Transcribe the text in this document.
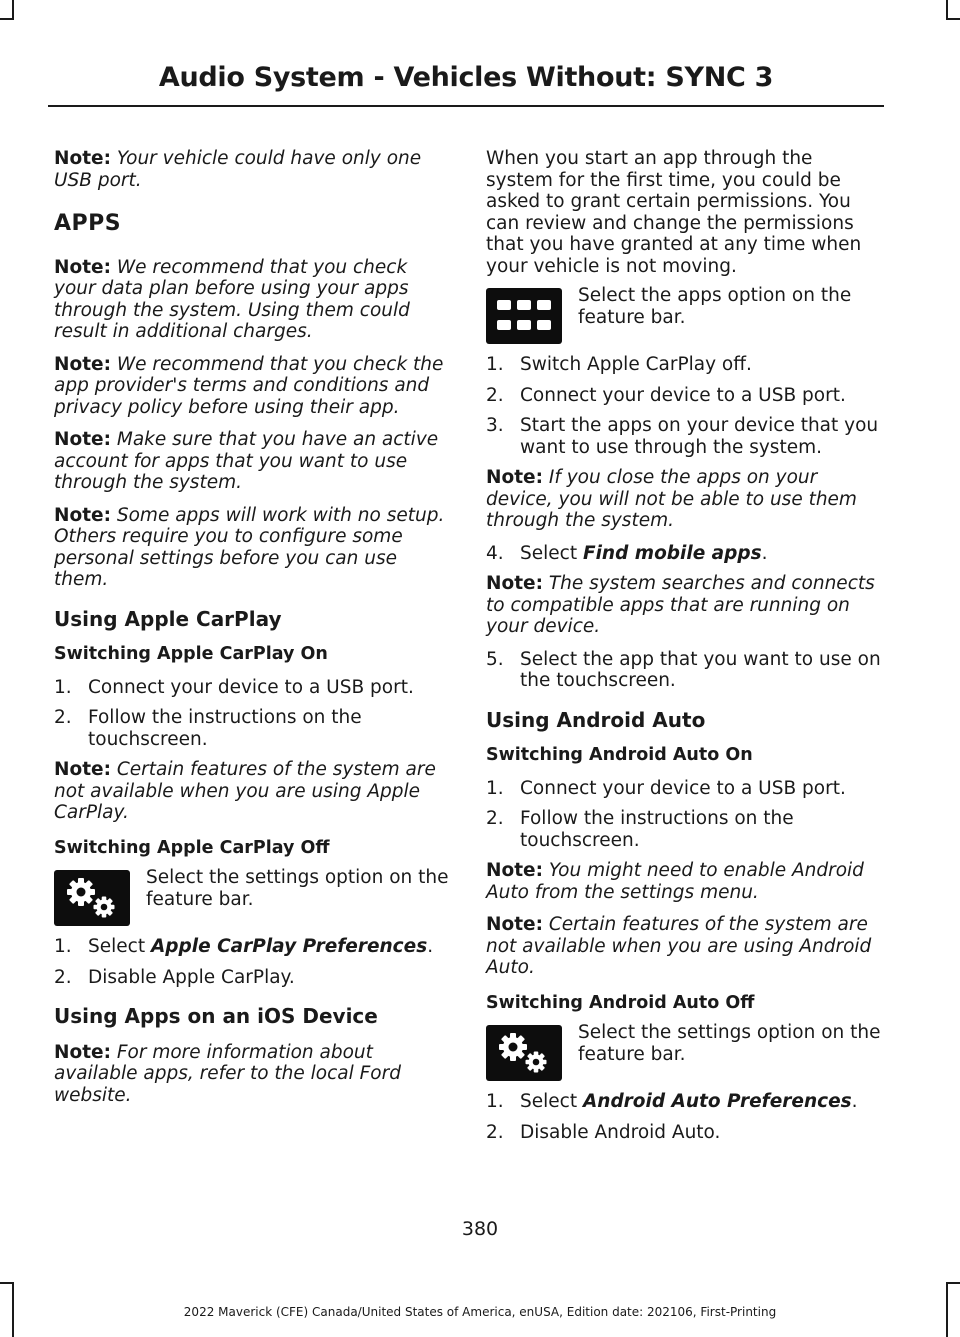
Audio System - Vehicles Without: SYNC 3

Note: Your vehicle could have only one USB port.

APPS

Note: We recommend that you check your data plan before using your apps through the system. Using them could result in additional charges.

Note: We recommend that you check the app provider's terms and conditions and privacy policy before using their app.

Note: Make sure that you have an active account for apps that you want to use through the system.

Note: Some apps will work with no setup. Others require you to configure some personal settings before you can use them.

Using Apple CarPlay
Switching Apple CarPlay On
1. Connect your device to a USB port.
2. Follow the instructions on the touchscreen.

Note: Certain features of the system are not available when you are using Apple CarPlay.

Switching Apple CarPlay Off
Select the settings option on the feature bar.
1. Select Apple CarPlay Preferences.
2. Disable Apple CarPlay.
Using Apps on an iOS Device

Note: For more information about available apps, refer to the local Ford website.

When you start an app through the system for the first time, you could be asked to grant certain permissions. You can review and change the permissions that you have granted at any time when your vehicle is not moving.

Select the apps option on the feature bar.
1. Switch Apple CarPlay off.
2. Connect your device to a USB port.
3. Start the apps on your device that you want to use through the system.

Note: If you close the apps on your device, you will not be able to use them through the system.

4. Select Find mobile apps.

Note: The system searches and connects to compatible apps that are running on your device.

5. Select the app that you want to use on the touchscreen.
Using Android Auto
Switching Android Auto On
1. Connect your device to a USB port.
2. Follow the instructions on the touchscreen.

Note: You might need to enable Android Auto from the settings menu.

Note: Certain features of the system are not available when you are using Android Auto.

Switching Android Auto Off
Select the settings option on the feature bar.
1. Select Android Auto Preferences.
2. Disable Android Auto.
380
2022 Maverick (CFE) Canada/United States of America, enUSA, Edition date: 202106, First-Printing
